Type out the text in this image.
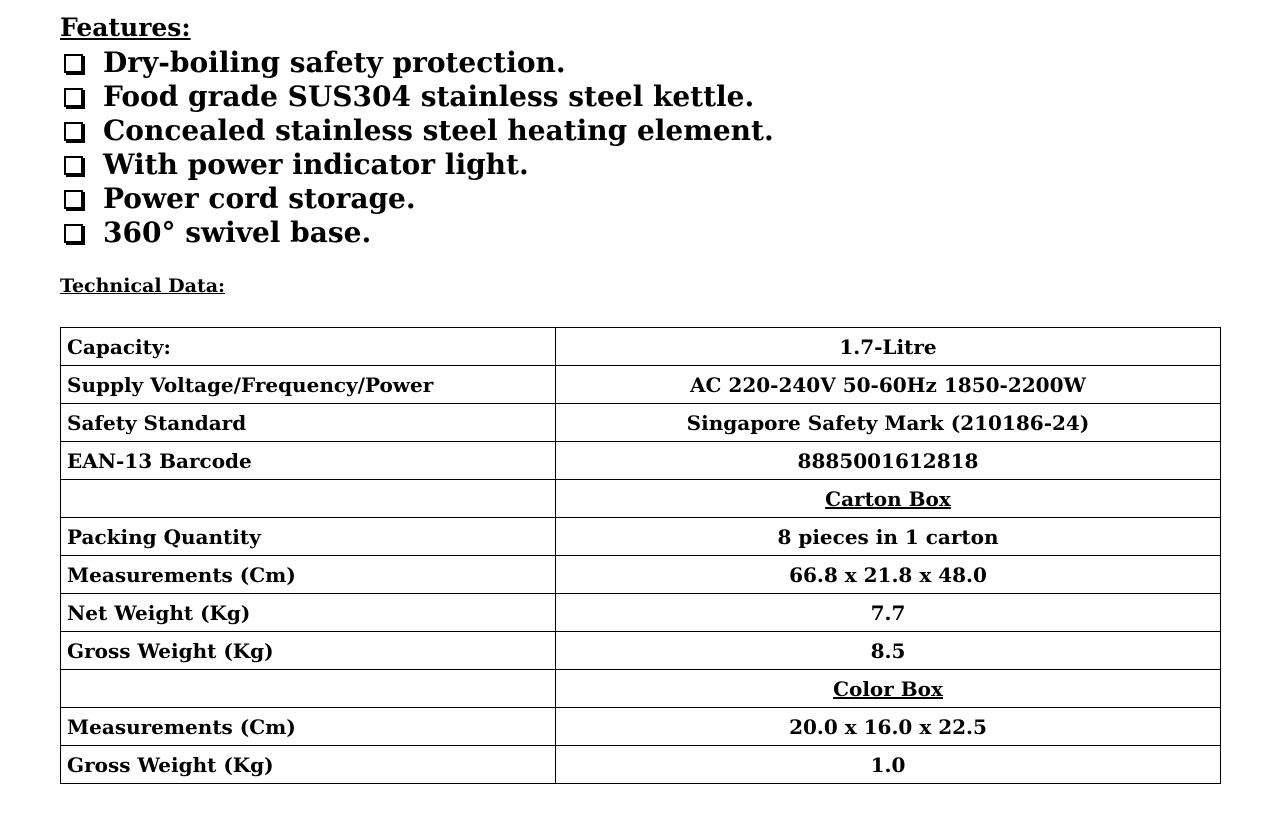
Features:
Dry-boiling safety protection.
Food grade SUS304 stainless steel kettle.
Concealed stainless steel heating element.
With power indicator light.
Power cord storage.
360° swivel base.
Technical Data:
Capacity:	1.7-Litre
Supply Voltage/Frequency/Power	AC 220-240V 50-60Hz 1850-2200W
Safety Standard	Singapore Safety Mark (210186-24)
EAN-13 Barcode	8885001612818
	Carton Box
Packing Quantity	8 pieces in 1 carton
Measurements (Cm)	66.8 x 21.8 x 48.0
Net Weight (Kg)	7.7
Gross Weight (Kg)	8.5
	Color Box
Measurements (Cm)	20.0 x 16.0 x 22.5
Gross Weight (Kg)	1.0
